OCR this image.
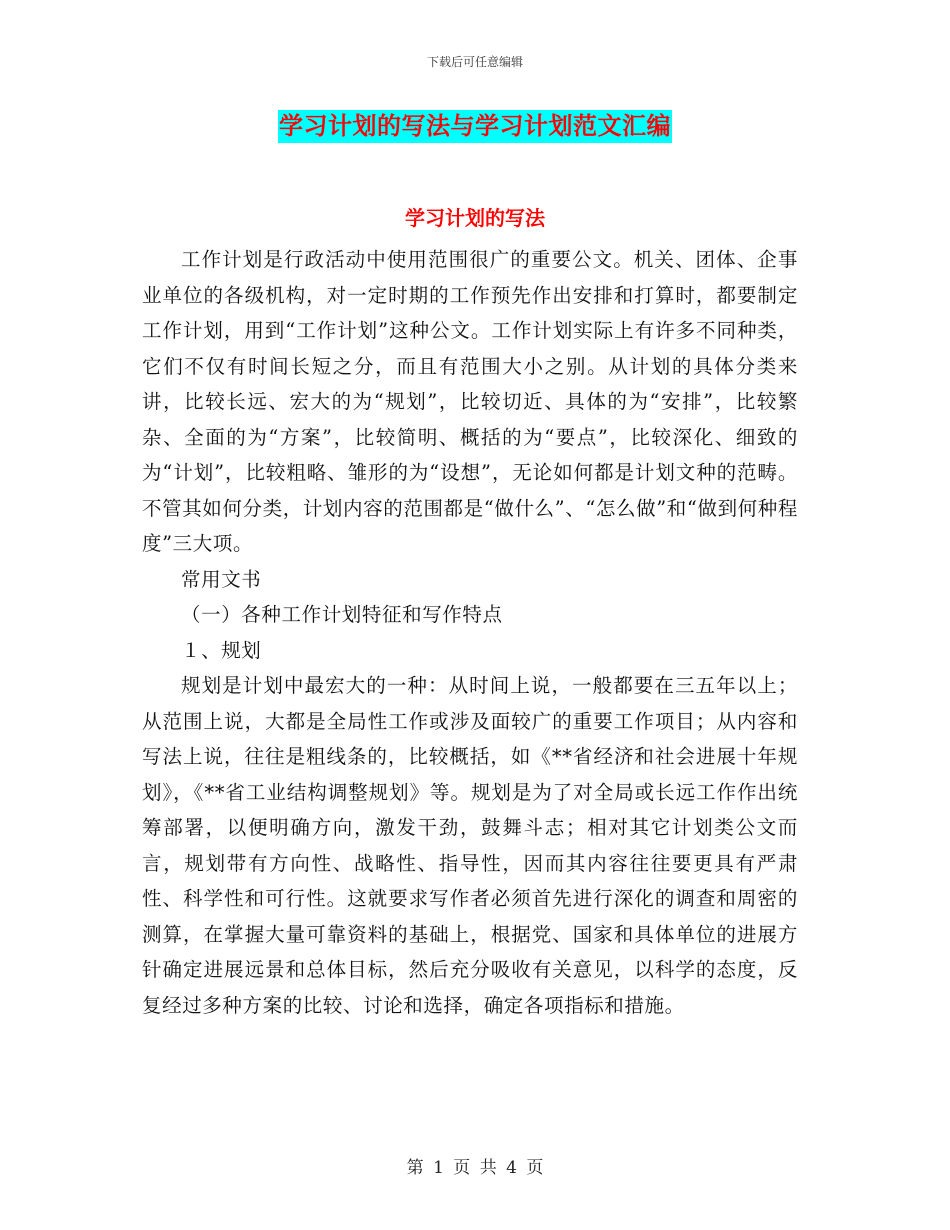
下载后可任意编辑
学习计划的写法与学习计划范文汇编
学习计划的写法

工作计划是行政活动中使用范围很广的重要公文。机关、团体、企事业单位的各级机构，对一定时期的工作预先作出安排和打算时，都要制定工作计划，用到“工作计划”这种公文。工作计划实际上有许多不同种类，它们不仅有时间长短之分，而且有范围大小之别。从计划的具体分类来讲，比较长远、宏大的为“规划”，比较切近、具体的为“安排”，比较繁杂、全面的为“方案”，比较简明、概括的为“要点”，比较深化、细致的为“计划”，比较粗略、雏形的为“设想”，无论如何都是计划文种的范畴。不管其如何分类，计划内容的范围都是“做什么”、“怎么做”和“做到何种程度”三大项。

常用文书

（一）各种工作计划特征和写作特点

１、规划

规划是计划中最宏大的一种：从时间上说，一般都要在三五年以上；从范围上说，大都是全局性工作或涉及面较广的重要工作项目；从内容和写法上说，往往是粗线条的，比较概括，如《**省经济和社会进展十年规划》，《**省工业结构调整规划》等。规划是为了对全局或长远工作作出统筹部署，以便明确方向，激发干劲，鼓舞斗志；相对其它计划类公文而言，规划带有方向性、战略性、指导性，因而其内容往往要更具有严肃性、科学性和可行性。这就要求写作者必须首先进行深化的调查和周密的测算，在掌握大量可靠资料的基础上，根据党、国家和具体单位的进展方针确定进展远景和总体目标，然后充分吸收有关意见，以科学的态度，反复经过多种方案的比较、讨论和选择，确定各项指标和措施。

第 1 页 共 4 页
